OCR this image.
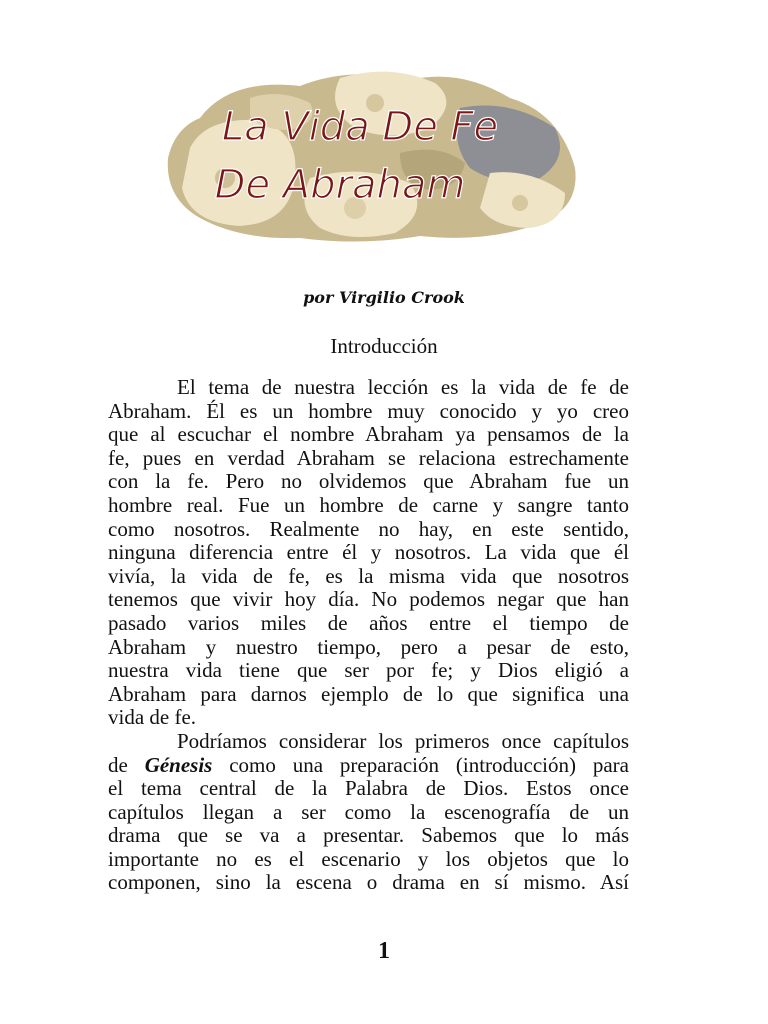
La Vida De Fe
De Abraham
por Virgilio Crook
Introducción
El tema de nuestra lección es la vida de fe de
Abraham. Él es un hombre muy conocido y yo creo
que al escuchar el nombre Abraham ya pensamos de la
fe, pues en verdad Abraham se relaciona estrechamente
con la fe. Pero no olvidemos que Abraham fue un
hombre real. Fue un hombre de carne y sangre tanto
como nosotros. Realmente no hay, en este sentido,
ninguna diferencia entre él y nosotros. La vida que él
vivía, la vida de fe, es la misma vida que nosotros
tenemos que vivir hoy día. No podemos negar que han
pasado varios miles de años entre el tiempo de
Abraham y nuestro tiempo, pero a pesar de esto,
nuestra vida tiene que ser por fe; y Dios eligió a
Abraham para darnos ejemplo de lo que significa una
vida de fe.
Podríamos considerar los primeros once capítulos
de Génesis como una preparación (introducción) para
el tema central de la Palabra de Dios. Estos once
capítulos llegan a ser como la escenografía de un
drama que se va a presentar. Sabemos que lo más
importante no es el escenario y los objetos que lo
componen, sino la escena o drama en sí mismo. Así
1
